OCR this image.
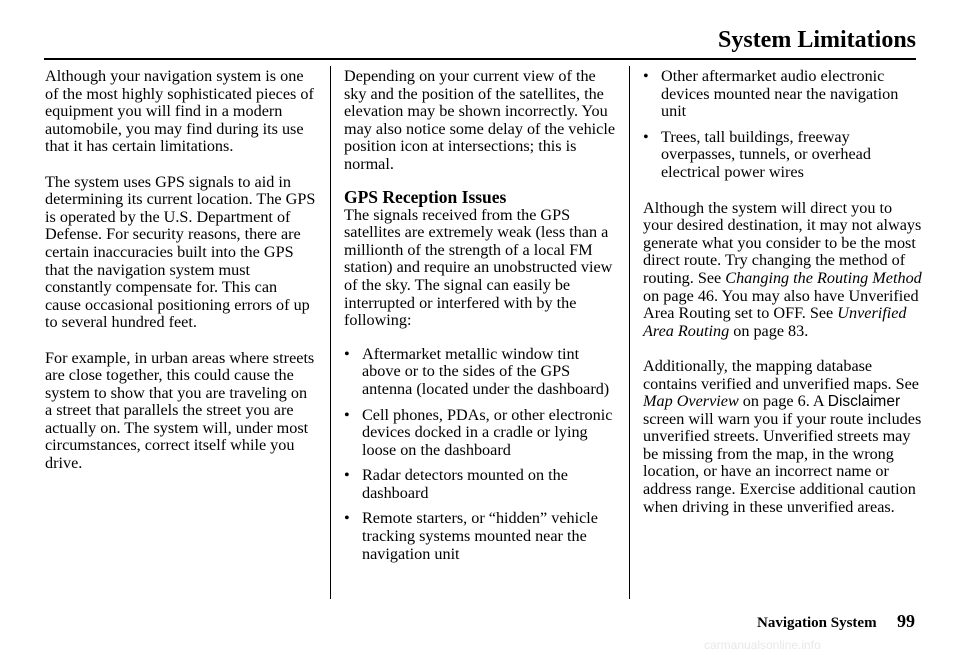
System Limitations

Although your navigation system is one of the most highly sophisticated pieces of equipment you will find in a modern automobile, you may find during its use that it has certain limitations.

The system uses GPS signals to aid in determining its current location. The GPS is operated by the U.S. Department of Defense. For security reasons, there are certain inaccuracies built into the GPS that the navigation system must constantly compensate for. This can cause occasional positioning errors of up to several hundred feet.

For example, in urban areas where streets are close together, this could cause the system to show that you are traveling on a street that parallels the street you are actually on. The system will, under most circumstances, correct itself while you drive.

Depending on your current view of the sky and the position of the satellites, the elevation may be shown incorrectly. You may also notice some delay of the vehicle position icon at intersections; this is normal.

GPS Reception Issues

The signals received from the GPS satellites are extremely weak (less than a millionth of the strength of a local FM station) and require an unobstructed view of the sky. The signal can easily be interrupted or interfered with by the following:

• Aftermarket metallic window tint above or to the sides of the GPS antenna (located under the dashboard)
• Cell phones, PDAs, or other electronic devices docked in a cradle or lying loose on the dashboard
• Radar detectors mounted on the dashboard
• Remote starters, or “hidden” vehicle tracking systems mounted near the navigation unit
• Other aftermarket audio electronic devices mounted near the navigation unit
• Trees, tall buildings, freeway overpasses, tunnels, or overhead electrical power wires

Although the system will direct you to your desired destination, it may not always generate what you consider to be the most direct route. Try changing the method of routing. See Changing the Routing Method on page 46. You may also have Unverified Area Routing set to OFF. See Unverified Area Routing on page 83.

Additionally, the mapping database contains verified and unverified maps. See Map Overview on page 6. A Disclaimer screen will warn you if your route includes unverified streets. Unverified streets may be missing from the map, in the wrong location, or have an incorrect name or address range. Exercise additional caution when driving in these unverified areas.

Navigation System 99
carmanualsonline.info
